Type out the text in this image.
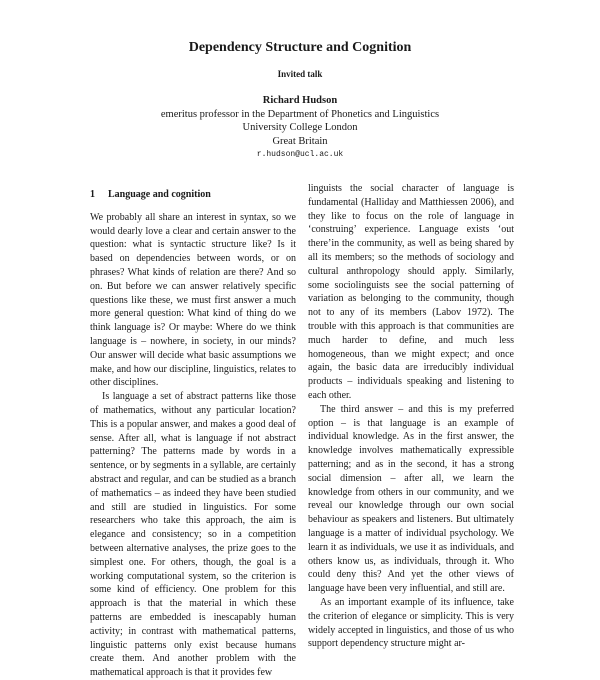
Dependency Structure and Cognition
Invited talk
Richard Hudson
emeritus professor in the Department of Phonetics and Linguistics
University College London
Great Britain
r.hudson@ucl.ac.uk
1 Language and cognition

We probably all share an interest in syntax, so we would dearly love a clear and certain answer to the question: what is syntactic structure like? Is it based on dependencies between words, or on phrases? What kinds of relation are there? And so on. But before we can answer relatively specific questions like these, we must first answer a much more general question: What kind of thing do we think language is? Or maybe: Where do we think language is – nowhere, in society, in our minds? Our answer will decide what basic assumptions we make, and how our discipline, linguistics, relates to other disciplines.

Is language a set of abstract patterns like those of mathematics, without any particular location? This is a popular answer, and makes a good deal of sense. After all, what is language if not abstract patterning? The patterns made by words in a sentence, or by segments in a syllable, are certainly abstract and regular, and can be studied as a branch of mathematics – as indeed they have been studied and still are studied in linguistics. For some researchers who take this approach, the aim is elegance and consistency; so in a competition between alternative analyses, the prize goes to the simplest one. For others, though, the goal is a working computational system, so the criterion is some kind of efficiency. One problem for this approach is that the material in which these patterns are embedded is inescapably human activity; in contrast with mathematical patterns, linguistic patterns only exist because humans create them. And another problem with the mathematical approach is that it provides few

linguists the social character of language is fundamental (Halliday and Matthiessen 2006), and they like to focus on the role of language in ‘construing’ experience. Language exists ‘out there’in the community, as well as being shared by all its members; so the methods of sociology and cultural anthropology should apply. Similarly, some sociolinguists see the social patterning of variation as belonging to the community, though not to any of its members (Labov 1972). The trouble with this approach is that communities are much harder to define, and much less homogeneous, than we might expect; and once again, the basic data are irreducibly individual products – individuals speaking and listening to each other.

The third answer – and this is my preferred option – is that language is an example of individual knowledge. As in the first answer, the knowledge involves mathematically expressible patterning; and as in the second, it has a strong social dimension – after all, we learn the knowledge from others in our community, and we reveal our knowledge through our own social behaviour as speakers and listeners. But ultimately language is a matter of individual psychology. We learn it as individuals, we use it as individuals, and others know us, as individuals, through it. Who could deny this? And yet the other views of language have been very influential, and still are.

As an important example of its influence, take the criterion of elegance or simplicity. This is very widely accepted in linguistics, and those of us who support dependency structure might ar-
